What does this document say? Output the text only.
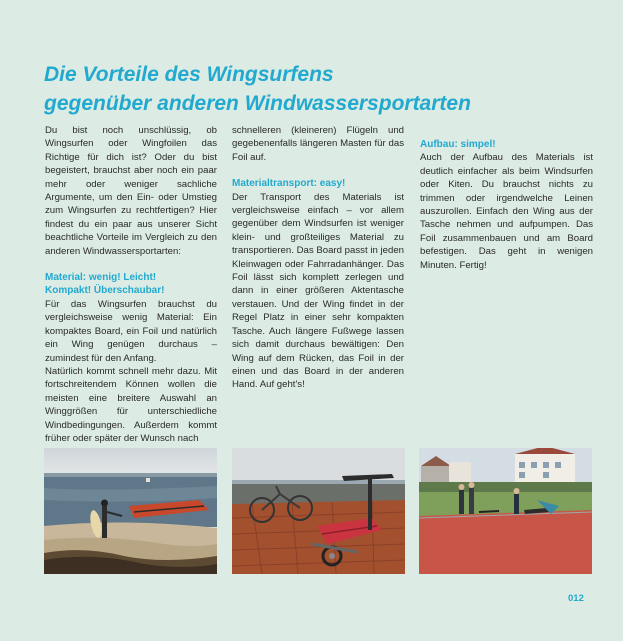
Die Vorteile des Wingsurfens
gegenüber anderen Windwassersportarten

Du bist noch unschlüssig, ob Wingsurfen oder Wingfoilen das Richtige für dich ist? Oder du bist begeistert, brauchst aber noch ein paar mehr oder weniger sachliche Argumente, um den Ein- oder Umstieg zum Wingsurfen zu rechtfertigen? Hier findest du ein paar aus unserer Sicht beachtliche Vorteile im Vergleich zu den anderen Windwassersportarten:

Material: wenig! Leicht!

Kompakt! Überschaubar!

Für das Wingsurfen brauchst du vergleichsweise wenig Material: Ein kompaktes Board, ein Foil und natürlich ein Wing genügen durchaus – zumindest für den Anfang.

Natürlich kommt schnell mehr dazu. Mit fortschreitendem Können wollen die meisten eine breitere Auswahl an Winggrößen für unterschiedliche Windbedingungen. Außerdem kommt früher oder später der Wunsch nach

schnelleren (kleineren) Flügeln und gegebenenfalls längeren Masten für das Foil auf.

Materialtransport: easy!

Der Transport des Materials ist vergleichsweise einfach – vor allem gegenüber dem Windsurfen ist weniger klein- und großteiliges Material zu transportieren. Das Board passt in jeden Kleinwagen oder Fahrradanhänger. Das Foil lässt sich komplett zerlegen und dann in einer größeren Aktentasche verstauen. Und der Wing findet in der Regel Platz in einer sehr kompakten Tasche. Auch längere Fußwege lassen sich damit durchaus bewältigen: Den Wing auf dem Rücken, das Foil in der einen und das Board in der anderen Hand. Auf geht's!

Aufbau: simpel!

Auch der Aufbau des Materials ist deutlich einfacher als beim Windsurfen oder Kiten. Du brauchst nichts zu trimmen oder irgendwelche Leinen auszurollen. Einfach den Wing aus der Tasche nehmen und aufpumpen. Das Foil zusammenbauen und am Board befestigen. Das geht in wenigen Minuten. Fertig!

012
